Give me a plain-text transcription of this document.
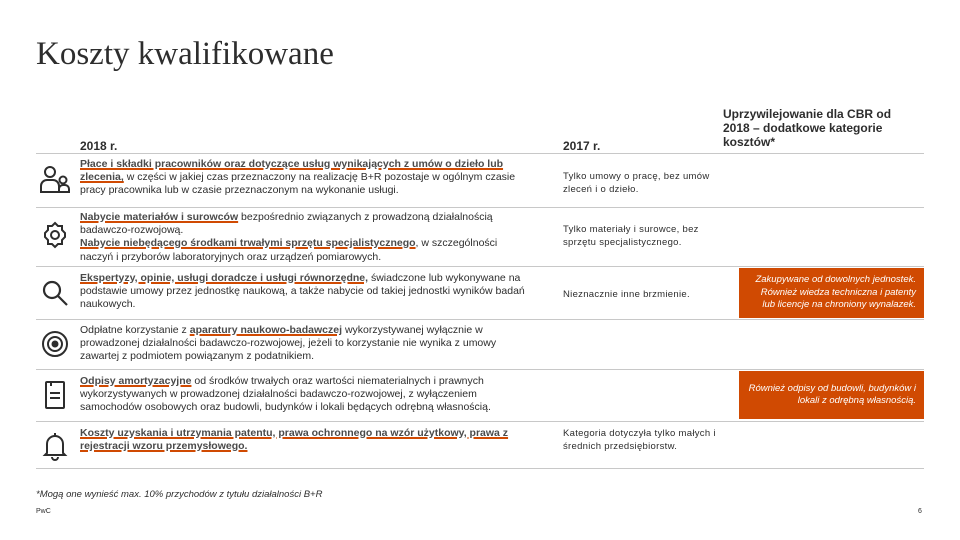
Koszty kwalifikowane
2018 r.	2017 r.
Uprzywilejowanie dla CBR od 2018 – dodatkowe kategorie kosztów*
Płace i składki pracowników oraz dotyczące usług wynikających z umów o dzieło lub zlecenia, w części w jakiej czas przeznaczony na realizację B+R pozostaje w ogólnym czasie pracy pracownika lub w czasie przeznaczonym na wykonanie usługi.
Tylko umowy o pracę, bez umów zleceń i o dzieło.
Nabycie materiałów i surowców bezpośrednio związanych z prowadzoną działalnością badawczo-rozwojową.
Nabycie niebędącego środkami trwałymi sprzętu specjalistycznego, w szczególności naczyń i przyborów laboratoryjnych oraz urządzeń pomiarowych.
Tylko materiały i surowce, bez sprzętu specjalistycznego.
Ekspertyzy, opinie, usługi doradcze i usługi równorzędne, świadczone lub wykonywane na podstawie umowy przez jednostkę naukową, a także nabycie od takiej jednostki wyników badań naukowych.
Nieznacznie inne brzmienie.
Zakupywane od dowolnych jednostek. Również wiedza techniczna i patenty lub licencje na chroniony wynalazek.
Odpłatne korzystanie z aparatury naukowo-badawczej wykorzystywanej wyłącznie w prowadzonej działalności badawczo-rozwojowej, jeżeli to korzystanie nie wynika z umowy zawartej z podmiotem powiązanym z podatnikiem.
Odpisy amortyzacyjne od środków trwałych oraz wartości niematerialnych i prawnych wykorzystywanych w prowadzonej działalności badawczo-rozwojowej, z wyłączeniem samochodów osobowych oraz budowli, budynków i lokali będących odrębną własnością.
Również odpisy od budowli, budynków i lokali z odrębną własnością.
Koszty uzyskania i utrzymania patentu, prawa ochronnego na wzór użytkowy, prawa z rejestracji wzoru przemysłowego.
Kategoria dotyczyła tylko małych i średnich przedsiębiorstw.
*Mogą one wynieść max. 10% przychodów z tytułu działalności B+R
PwC	6
